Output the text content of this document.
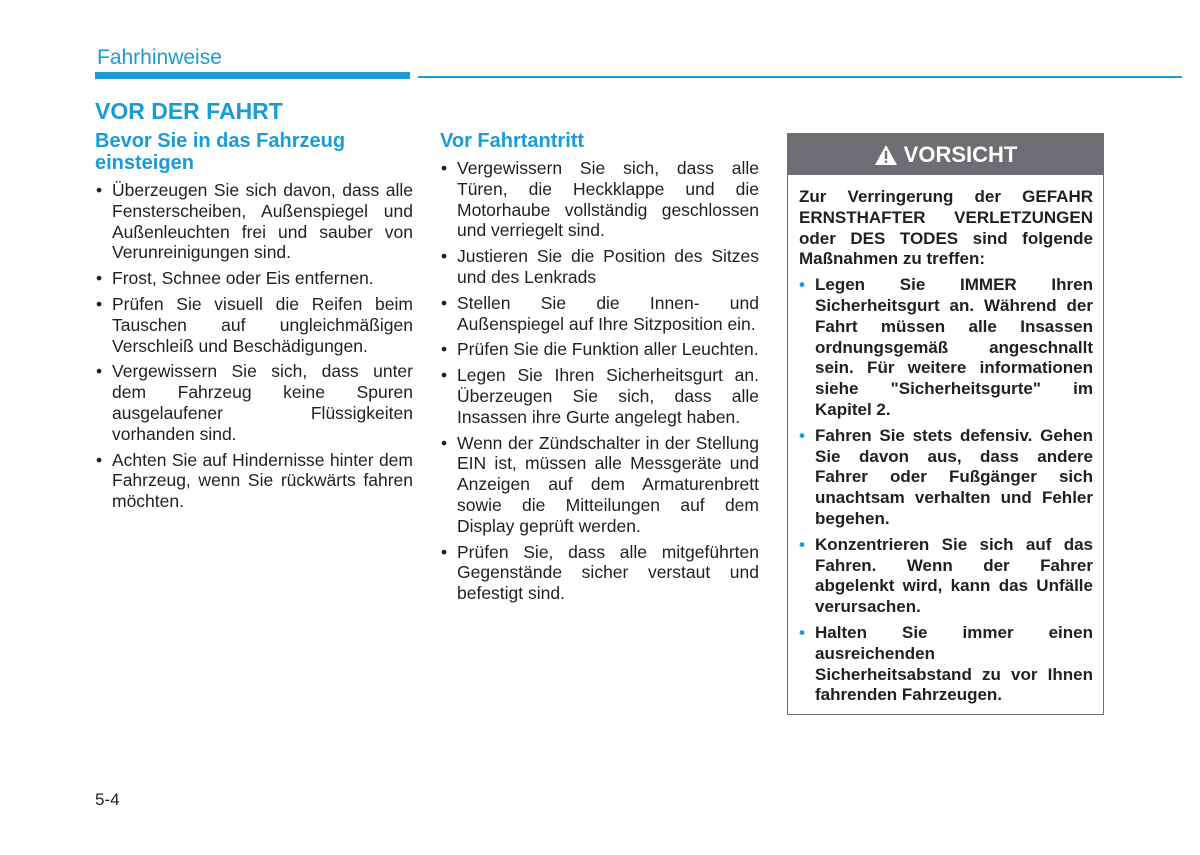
Fahrhinweise
VOR DER FAHRT
Bevor Sie in das Fahrzeug einsteigen
• Überzeugen Sie sich davon, dass alle Fensterscheiben, Außenspiegel und Außenleuchten frei und sauber von Verunreinigungen sind.
• Frost, Schnee oder Eis entfernen.
• Prüfen Sie visuell die Reifen beim Tauschen auf ungleichmäßigen Verschleiß und Beschädigungen.
• Vergewissern Sie sich, dass unter dem Fahrzeug keine Spuren ausgelaufener Flüssigkeiten vorhanden sind.
• Achten Sie auf Hindernisse hinter dem Fahrzeug, wenn Sie rückwärts fahren möchten.
Vor Fahrtantritt
• Vergewissern Sie sich, dass alle Türen, die Heckklappe und die Motorhaube vollständig geschlossen und verriegelt sind.
• Justieren Sie die Position des Sitzes und des Lenkrads
• Stellen Sie die Innen- und Außenspiegel auf Ihre Sitzposition ein.
• Prüfen Sie die Funktion aller Leuchten.
• Legen Sie Ihren Sicherheitsgurt an. Überzeugen Sie sich, dass alle Insassen ihre Gurte angelegt haben.
• Wenn der Zündschalter in der Stellung EIN ist, müssen alle Messgeräte und Anzeigen auf dem Armaturenbrett sowie die Mitteilungen auf dem Display geprüft werden.
• Prüfen Sie, dass alle mitgeführten Gegenstände sicher verstaut und befestigt sind.
VORSICHT

Zur Verringerung der GEFAHR ERNSTHAFTER VERLETZUNGEN oder DES TODES sind folgende Maßnahmen zu treffen:

• Legen Sie IMMER Ihren Sicherheitsgurt an. Während der Fahrt müssen alle Insassen ordnungsgemäß angeschnallt sein. Für weitere informationen siehe "Sicherheitsgurte" im Kapitel 2.
• Fahren Sie stets defensiv. Gehen Sie davon aus, dass andere Fahrer oder Fußgänger sich unachtsam verhalten und Fehler begehen.
• Konzentrieren Sie sich auf das Fahren. Wenn der Fahrer abgelenkt wird, kann das Unfälle verursachen.
• Halten Sie immer einen ausreichenden Sicherheitsabstand zu vor Ihnen fahrenden Fahrzeugen.
5-4
